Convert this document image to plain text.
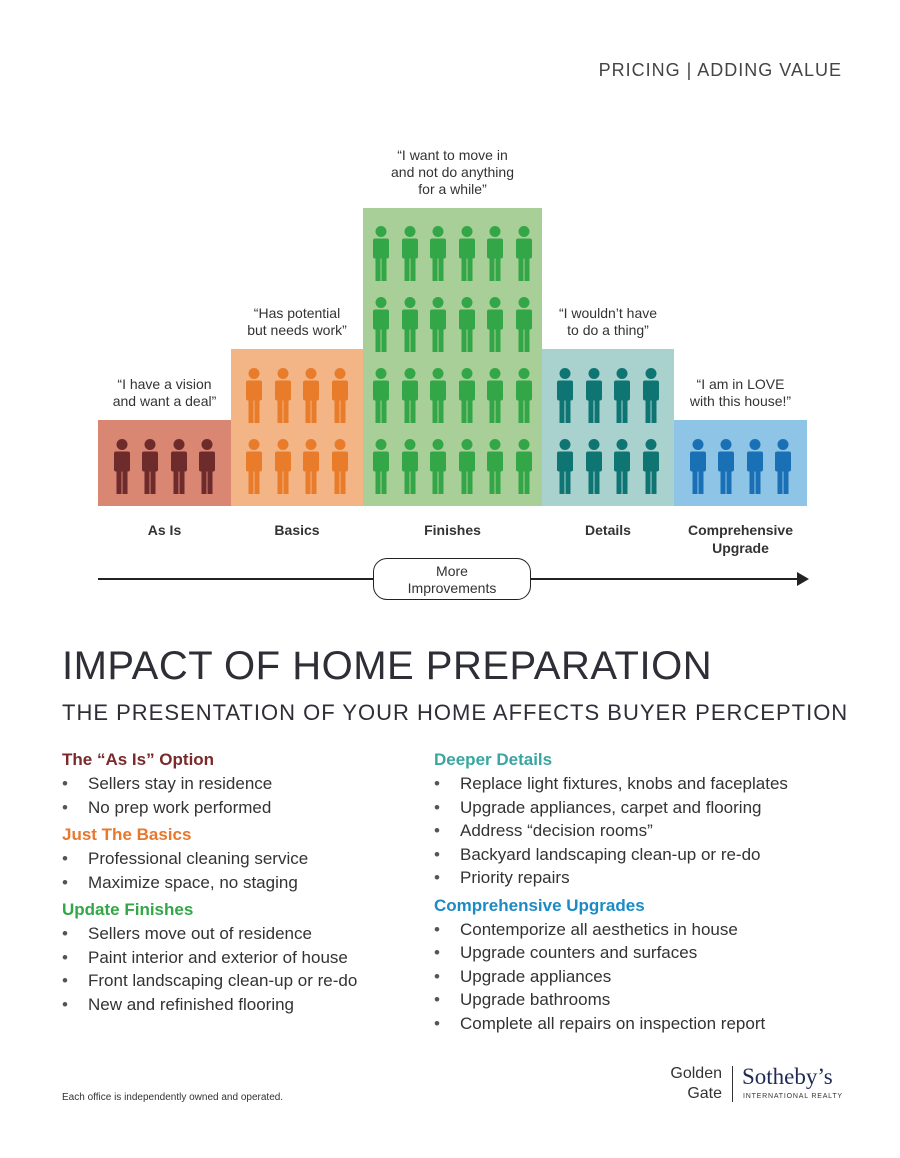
PRICING | ADDING VALUE
“I have a vision
and want a deal”
As Is
“Has potential
but needs work”
Basics
“I want to move in
and not do anything
for a while”
Finishes
“I wouldn’t have
to do a thing”
Details
“I am in LOVE
with this house!”
Comprehensive
Upgrade
More
Improvements
IMPACT OF HOME PREPARATION
THE PRESENTATION OF YOUR HOME AFFECTS BUYER PERCEPTION
The “As Is” Option
• Sellers stay in residence
• No prep work performed
Just The Basics
• Professional cleaning service
• Maximize space, no staging
Update Finishes
• Sellers move out of residence
• Paint interior and exterior of house
• Front landscaping clean-up or re-do
• New and refinished flooring
Deeper Details
• Replace light fixtures, knobs and faceplates
• Upgrade appliances, carpet and flooring
• Address “decision rooms”
• Backyard landscaping clean-up or re-do
• Priority repairs
Comprehensive Upgrades
• Contemporize all aesthetics in house
• Upgrade counters and surfaces
• Upgrade appliances
• Upgrade bathrooms
• Complete all repairs on inspection report
Each office is independently owned and operated.
Golden
Gate
Sotheby’s
INTERNATIONAL REALTY
